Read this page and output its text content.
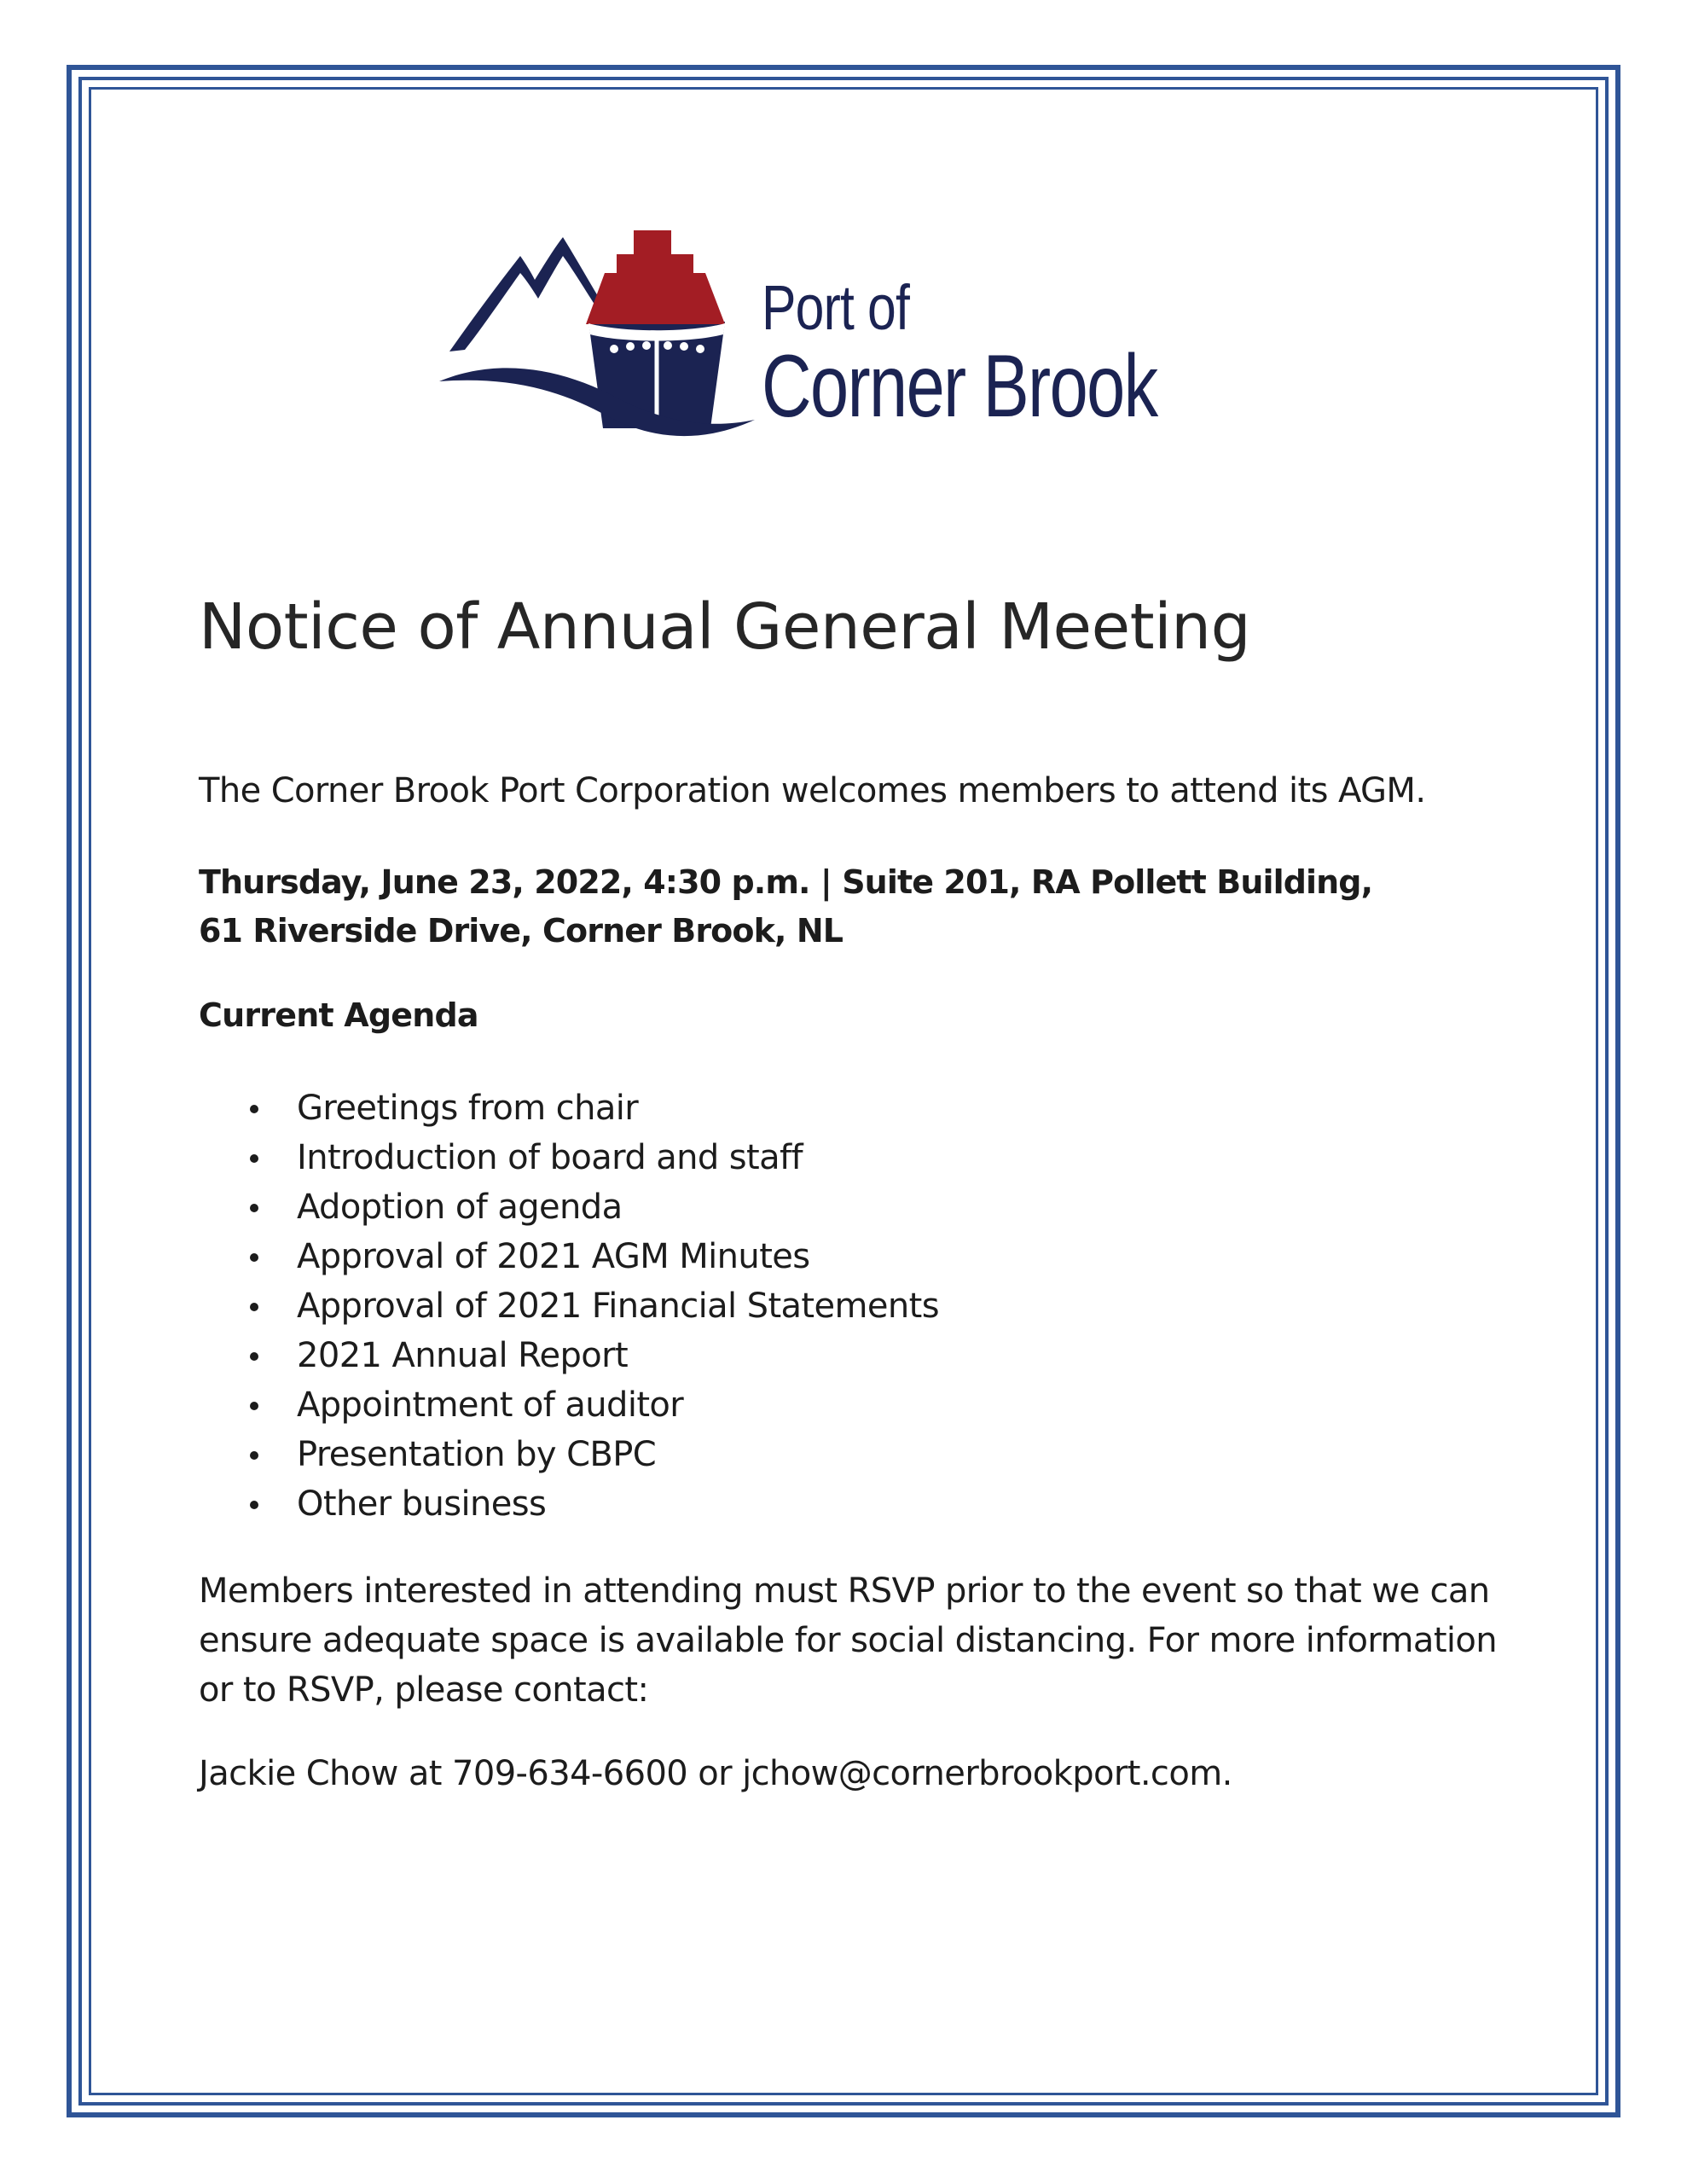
Port of
Corner Brook
Notice of Annual General Meeting

The Corner Brook Port Corporation welcomes members to attend its AGM.

Thursday, June 23, 2022, 4:30 p.m. | Suite 201, RA Pollett Building,
61 Riverside Drive, Corner Brook, NL

Current Agenda

Greetings from chair
Introduction of board and staff
Adoption of agenda
Approval of 2021 AGM Minutes
Approval of 2021 Financial Statements
2021 Annual Report
Appointment of auditor
Presentation by CBPC
Other business

Members interested in attending must RSVP prior to the event so that we can ensure adequate space is available for social distancing. For more information or to RSVP, please contact:

Jackie Chow at 709-634-6600 or jchow@cornerbrookport.com.
